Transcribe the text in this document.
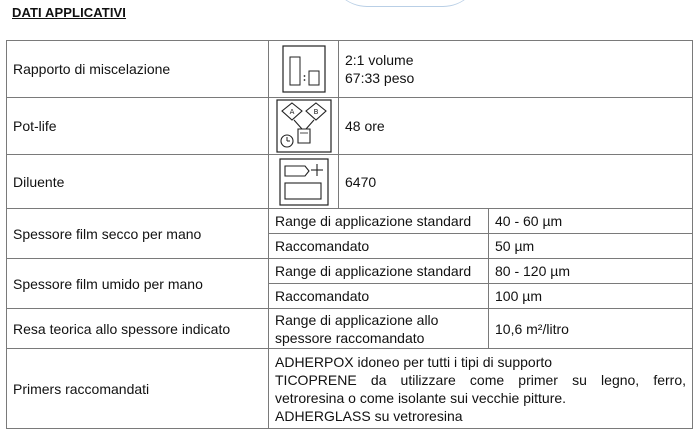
DATI APPLICATIVI
Rapporto di miscelazione		2:1 volume
67:33 peso	

Pot-life	A B	48 ore	
Diluente		6470	
Spessore film secco per mano	Range di applicazione standard		40 - 60 µm
	Raccomandato		50 µm
Spessore film umido per mano	Range di applicazione standard		80 - 120 µm
	Raccomandato		100 µm
Resa teorica allo spessore indicato	Range di applicazione allo
spessore raccomandato		10,6 m²/litro
Primers raccomandati	ADHERPOX idoneo per tutti i tipi di supporto
TICOPRENE da utilizzare come primer su legno, ferro,
vetroresina o come isolante sui vecchie pitture.
ADHERGLASS su vetroresina		
